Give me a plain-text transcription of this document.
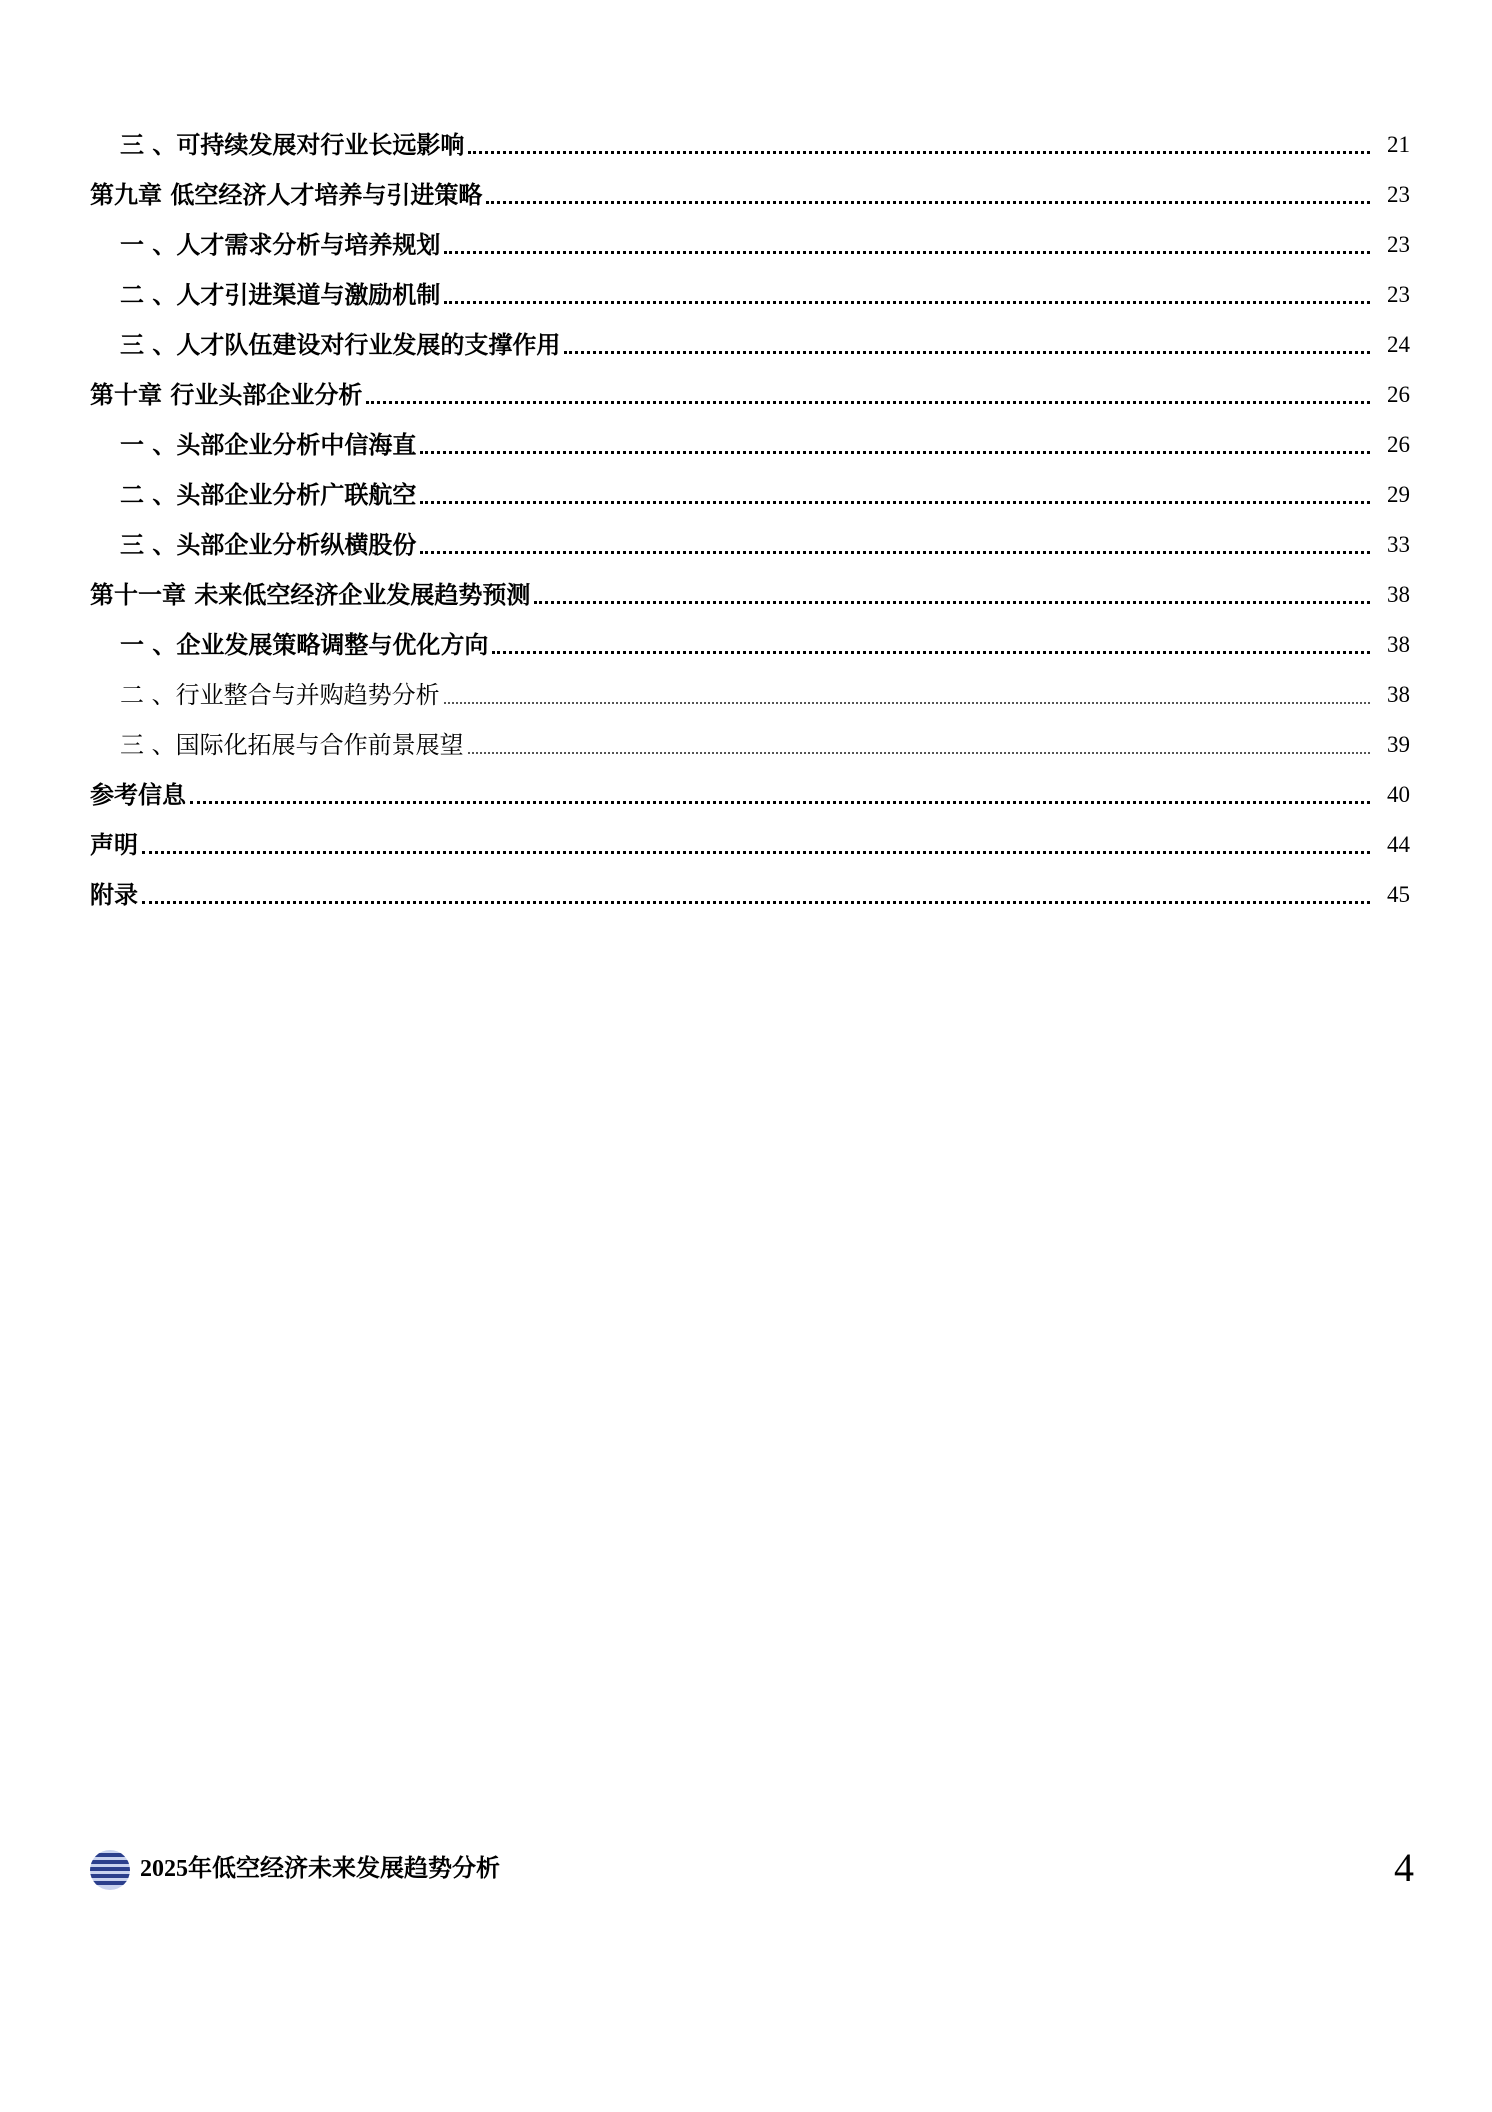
三 、可持续发展对行业长远影响	21
第九章 低空经济人才培养与引进策略	23
一 、人才需求分析与培养规划	23
二 、人才引进渠道与激励机制	23
三 、人才队伍建设对行业发展的支撑作用	24
第十章 行业头部企业分析	26
一 、头部企业分析中信海直	26
二 、头部企业分析广联航空	29
三 、头部企业分析纵横股份	33
第十一章 未来低空经济企业发展趋势预测	38
一 、企业发展策略调整与优化方向	38
二 、行业整合与并购趋势分析	38
三 、国际化拓展与合作前景展望	39
参考信息	40
声明	44
附录	45
2025年低空经济未来发展趋势分析	4
